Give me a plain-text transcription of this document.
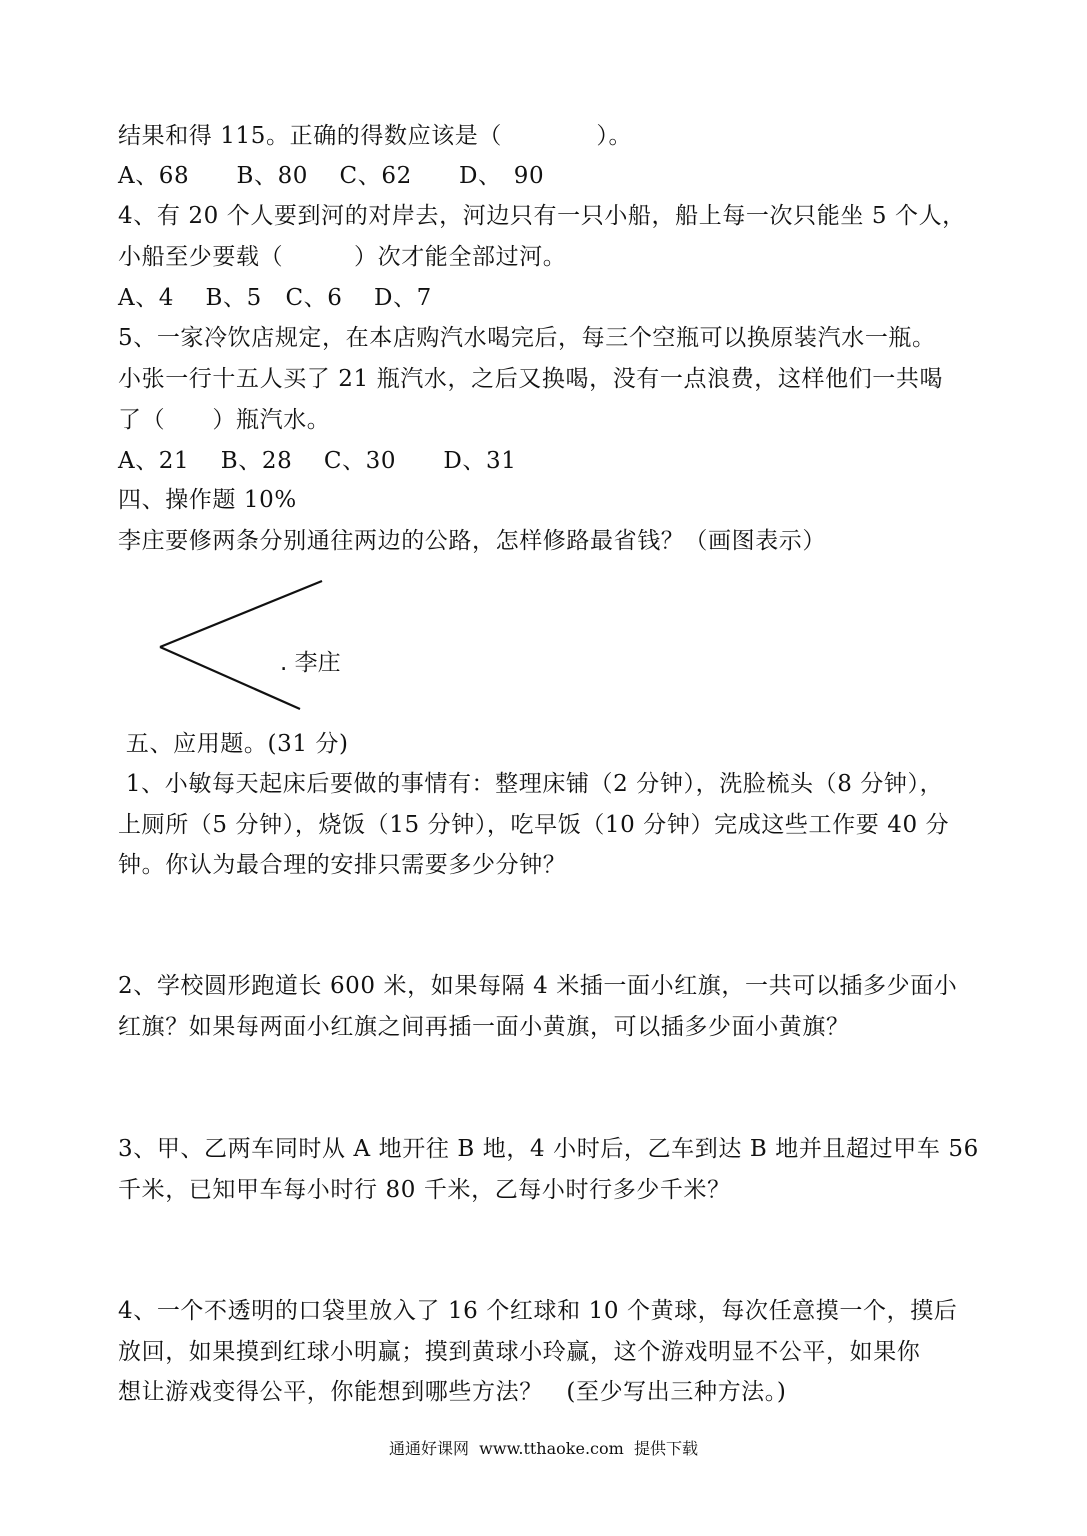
结果和得 115。正确的得数应该是（　　　　）。
A、68　　B、80　 C、62　　D、　90
4、有 20 个人要到河的对岸去，河边只有一只小船，船上每一次只能坐 5 个人，
小船至少要载（　　　）次才能全部过河。
A、4　 B、5　C、6　 D、7
5、一家冷饮店规定，在本店购汽水喝完后，每三个空瓶可以换原装汽水一瓶。
小张一行十五人买了 21 瓶汽水，之后又换喝，没有一点浪费，这样他们一共喝
了（　　）瓶汽水。
A、21　 B、28　 C、30　　D、31
四、操作题 10%
李庄要修两条分别通往两边的公路，怎样修路最省钱？（画图表示）
. 李庄
五、应用题。(31 分)
1、小敏每天起床后要做的事情有：整理床铺（2 分钟），洗脸梳头（8 分钟），
上厕所（5 分钟），烧饭（15 分钟），吃早饭（10 分钟）完成这些工作要 40 分
钟。你认为最合理的安排只需要多少分钟？
2、学校圆形跑道长 600 米，如果每隔 4 米插一面小红旗，一共可以插多少面小
红旗？如果每两面小红旗之间再插一面小黄旗，可以插多少面小黄旗？
3、甲、乙两车同时从 A 地开往 B 地，4 小时后，乙车到达 B 地并且超过甲车 56
千米，已知甲车每小时行 80 千米，乙每小时行多少千米？
4、一个不透明的口袋里放入了 16 个红球和 10 个黄球，每次任意摸一个，摸后
放回，如果摸到红球小明赢；摸到黄球小玲赢，这个游戏明显不公平，如果你
想让游戏变得公平，你能想到哪些方法？　(至少写出三种方法。)
通通好课网  www.tthaoke.com  提供下载
